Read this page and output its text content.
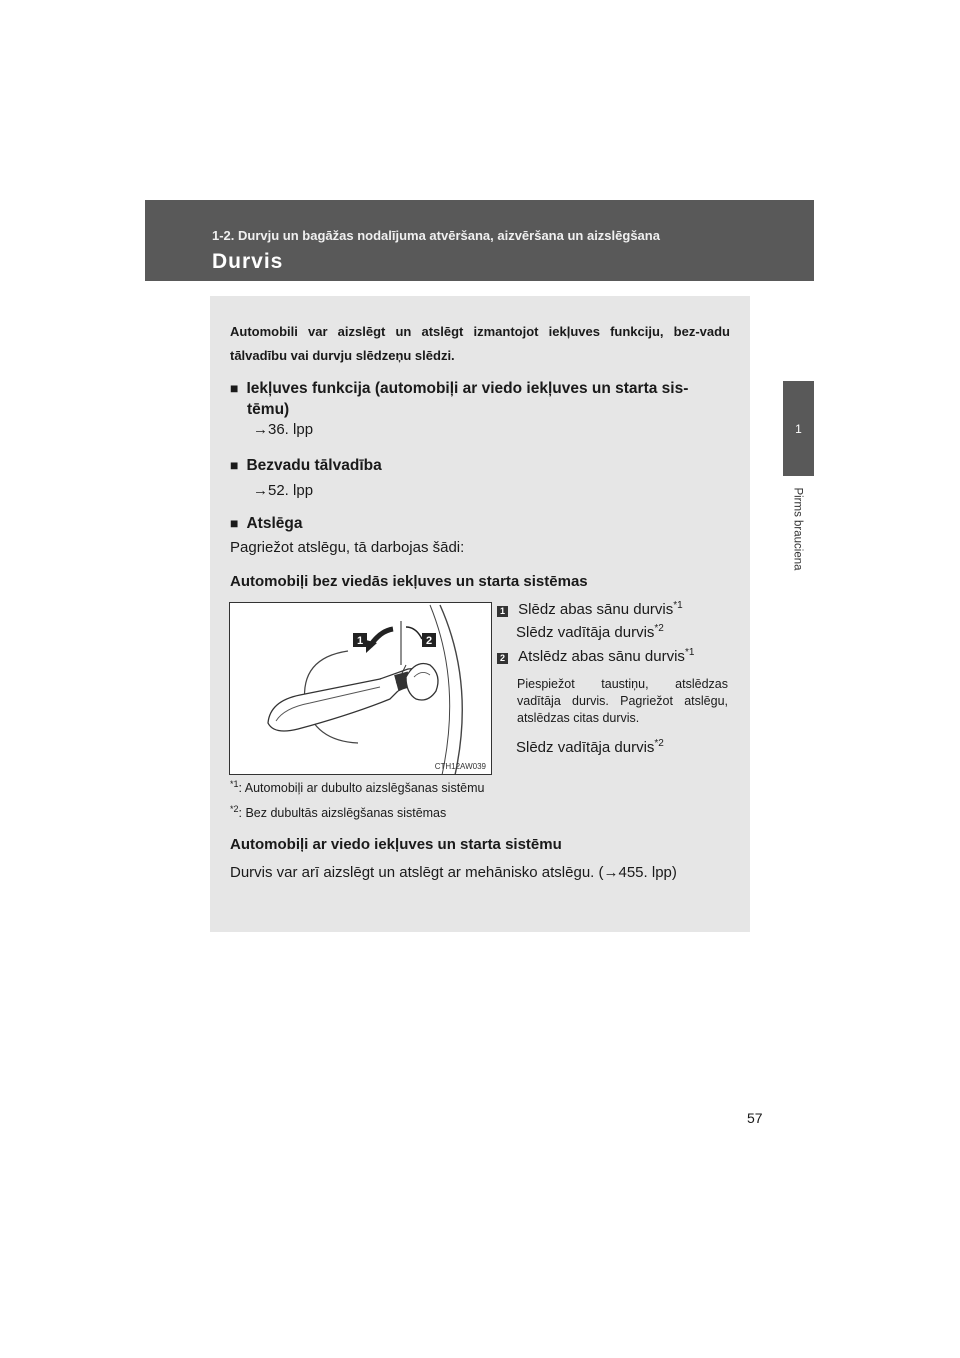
1-2. Durvju un bagāžas nodalījuma atvēršana, aizvēršana un aizslēgšana
Durvis
1
Pirms brauciena
Automobili var aizslēgt un atslēgt izmantojot iekļuves funkciju, bez-vadu tālvadību vai durvju slēdzeņu slēdzi.
■ Iekļuves funkcija (automobiļi ar viedo iekļuves un starta sis-
tēmu)
→36. lpp
■ Bezvadu tālvadība
→52. lpp
■ Atslēga
Pagriežot atslēgu, tā darbojas šādi:
Automobiļi bez viedās iekļuves un starta sistēmas
1	2
CTH12AW039
1 Slēdz abas sānu durvis$^{*1}$
Slēdz vadītāja durvis$^{*2}$
2 Atslēdz abas sānu durvis$^{*1}$
Piespiežot taustiņu, atslēdzas vadītāja durvis. Pagriežot atslēgu, atslēdzas citas durvis.
Slēdz vadītāja durvis$^{*2}$
$^{*1}$: Automobiļi ar dubulto aizslēgšanas sistēmu
$^{*2}$: Bez dubultās aizslēgšanas sistēmas
Automobiļi ar viedo iekļuves un starta sistēmu
Durvis var arī aizslēgt un atslēgt ar mehānisko atslēgu. (→455. lpp)
57
